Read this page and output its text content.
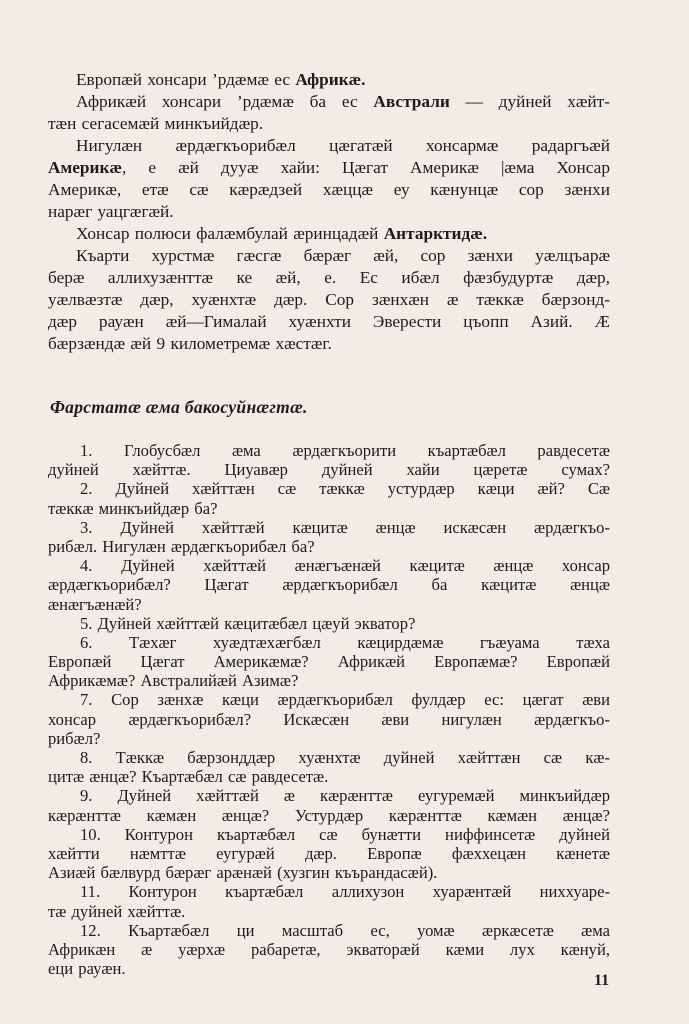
Европæй хонсари ’рдæмæ ес Африкæ.
Африкæй хонсари ’рдæмæ ба ес Австрали — дуйней хæйт-
тæн сегасемæй минкъийдæр.
Нигулæн æрдæгкъорибæл цæгатæй хонсармæ радаргъæй
Америкæ, е æй дууæ хайи: Цæгат Америкæ |æма Хонсар
Америкæ, етæ сæ кæрæдзей хæццæ еу кæнунцæ сор зæнхи
нарæг уацгæгæй.
Хонсар полюси фалæмбулай æринцадæй Антарктидæ.
Къарти хурстмæ гæсгæ бæрæг æй, сор зæнхи уæлцъарæ
берæ аллихузæнттæ ке æй, е. Ес ибæл фæзбудуртæ дæр,
уæлвæзтæ дæр, хуæнхтæ дæр. Сор зæнхæн æ тæккæ бæрзонд-
дæр рауæн æй—Гималай хуæнхти Эверести цъопп Азий. Æ
бæрзæндæ æй 9 километремæ хæстæг.
Фарстатæ æма бакосуйнæгтæ.
1. Глобусбæл æма æрдæгкъорити къартæбæл равдесетæ
дуйней хæйттæ. Циуавæр дуйней хайи цæретæ сумах?
2. Дуйней хæйттæн сæ тæккæ устурдæр кæци æй? Сæ
тæккæ минкъийдæр ба?
3. Дуйней хæйттæй кæцитæ æнцæ искæсæн æрдæгкъо-
рибæл. Нигулæн æрдæгкъорибæл ба?
4. Дуйней хæйттæй æнæгъæнæй кæцитæ æнцæ хонсар
æрдæгкъорибæл? Цæгат æрдæгкъорибæл ба кæцитæ æнцæ
æнæгъæнæй?
5. Дуйней хæйттæй кæцитæбæл цæуй экватор?
6. Тæхæг хуæдтæхæгбæл кæцирдæмæ гъæуама тæха
Европæй Цæгат Америкæмæ? Африкæй Европæмæ? Европæй
Африкæмæ? Австралийæй Азимæ?
7. Сор зæнхæ кæци æрдæгкъорибæл фулдæр ес: цæгат æви
хонсар æрдæгкъорибæл? Искæсæн æви нигулæн æрдæгкъо-
рибæл?
8. Тæккæ бæрзонддæр хуæнхтæ дуйней хæйттæн сæ кæ-
цитæ æнцæ? Къартæбæл сæ равдесетæ.
9. Дуйней хæйттæй æ кæрæнттæ еугуремæй минкъийдæр
кæрæнттæ кæмæн æнцæ? Устурдæр кæрæнттæ кæмæн æнцæ?
10. Контурон къартæбæл сæ бунæтти ниффинсетæ дуйней
хæйтти нæмттæ еугурæй дæр. Европæ фæххецæн кæнетæ
Азиæй бæлвурд бæрæг арæнæй (хузгин къърандасæй).
11. Контурон къартæбæл аллихузон хуарæнтæй ниххуаре-
тæ дуйней хæйттæ.
12. Къартæбæл ци масштаб ес, уомæ æркæсетæ æма
Африкæн æ уæрхæ рабаретæ, экваторæй кæми лух кæнуй,
еци рауæн.
11
